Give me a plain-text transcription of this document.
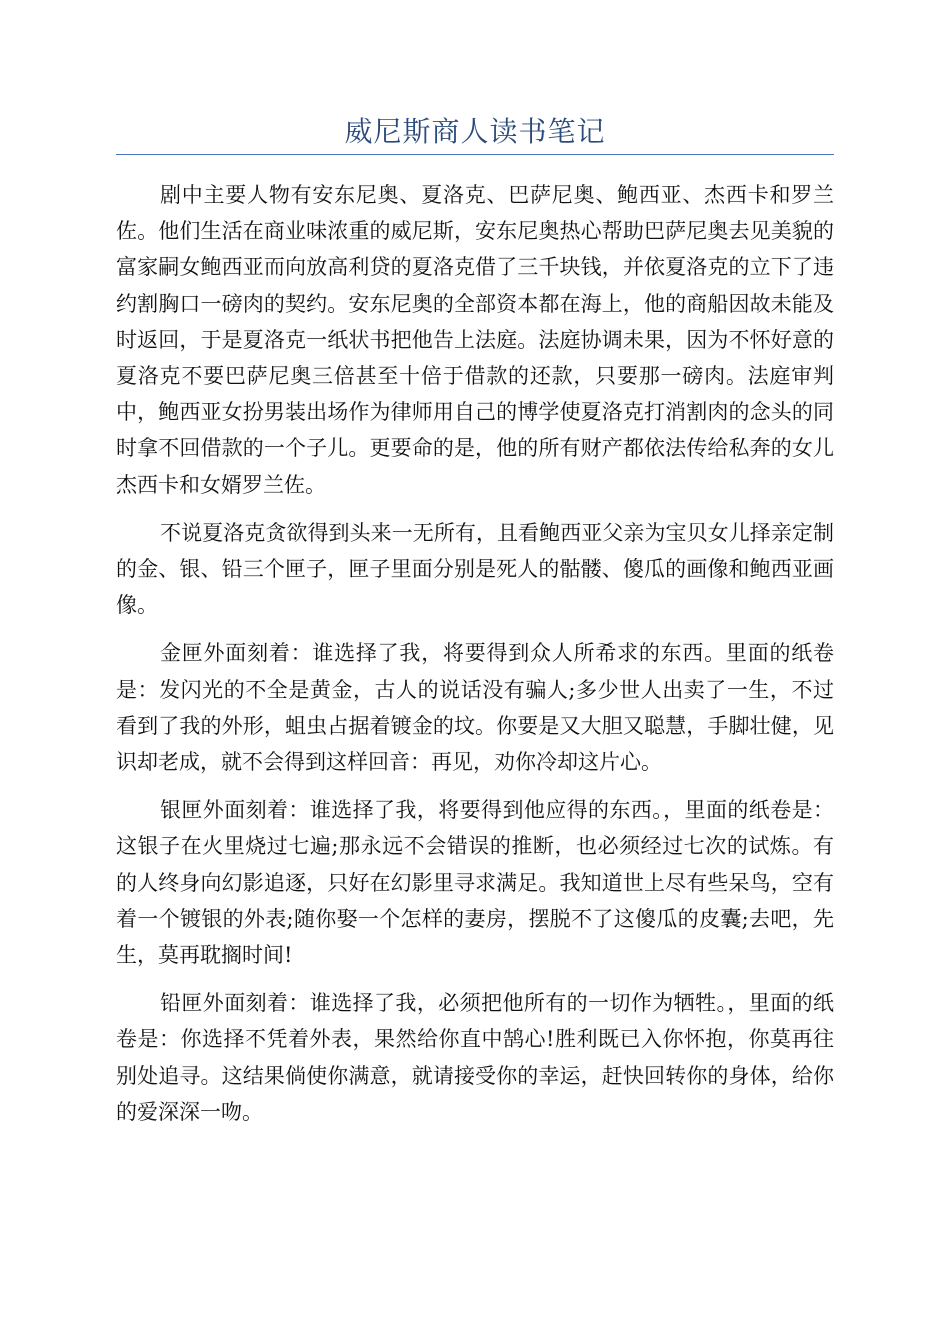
威尼斯商人读书笔记

剧中主要人物有安东尼奥、夏洛克、巴萨尼奥、鲍西亚、杰西卡和罗兰佐。他们生活在商业味浓重的威尼斯，安东尼奥热心帮助巴萨尼奥去见美貌的富家嗣女鲍西亚而向放高利贷的夏洛克借了三千块钱，并依夏洛克的立下了违约割胸口一磅肉的契约。安东尼奥的全部资本都在海上，他的商船因故未能及时返回，于是夏洛克一纸状书把他告上法庭。法庭协调未果，因为不怀好意的夏洛克不要巴萨尼奥三倍甚至十倍于借款的还款，只要那一磅肉。法庭审判中，鲍西亚女扮男装出场作为律师用自己的博学使夏洛克打消割肉的念头的同时拿不回借款的一个子儿。更要命的是，他的所有财产都依法传给私奔的女儿杰西卡和女婿罗兰佐。

不说夏洛克贪欲得到头来一无所有，且看鲍西亚父亲为宝贝女儿择亲定制的金、银、铅三个匣子，匣子里面分别是死人的骷髅、傻瓜的画像和鲍西亚画像。

金匣外面刻着：谁选择了我，将要得到众人所希求的东西。里面的纸卷是：发闪光的不全是黄金，古人的说话没有骗人;多少世人出卖了一生，不过看到了我的外形，蛆虫占据着镀金的坟。你要是又大胆又聪慧，手脚壮健，见识却老成，就不会得到这样回音：再见，劝你冷却这片心。

银匣外面刻着：谁选择了我，将要得到他应得的东西。，里面的纸卷是：这银子在火里烧过七遍;那永远不会错误的推断，也必须经过七次的试炼。有的人终身向幻影追逐，只好在幻影里寻求满足。我知道世上尽有些呆鸟，空有着一个镀银的外表;随你娶一个怎样的妻房，摆脱不了这傻瓜的皮囊;去吧，先生，莫再耽搁时间!

铅匣外面刻着：谁选择了我，必须把他所有的一切作为牺牲。，里面的纸卷是：你选择不凭着外表，果然给你直中鹄心!胜利既已入你怀抱，你莫再往别处追寻。这结果倘使你满意，就请接受你的幸运，赶快回转你的身体，给你的爱深深一吻。
